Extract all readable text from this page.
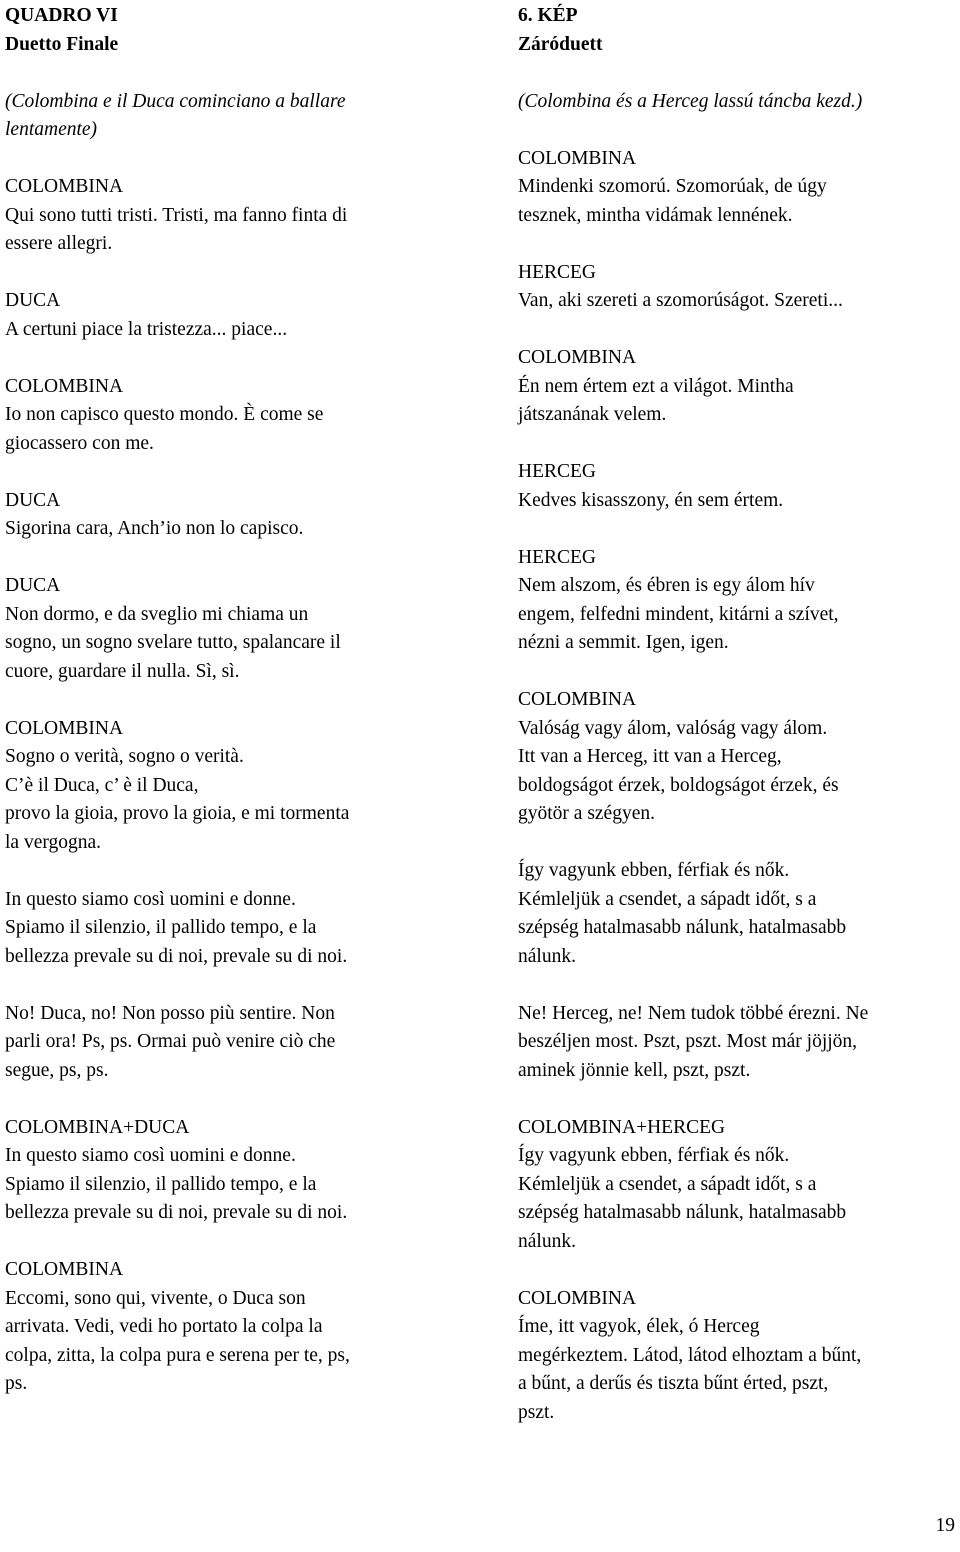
QUADRO VI
Duetto Finale
(Colombina e il Duca cominciano a ballare
lentamente)
COLOMBINA
Qui sono tutti tristi. Tristi, ma fanno finta di
essere allegri.
DUCA
A certuni piace la tristezza... piace...
COLOMBINA
Io non capisco questo mondo. È come se
giocassero con me.
DUCA
Sigorina cara, Anch’io non lo capisco.
DUCA
Non dormo, e da sveglio mi chiama un
sogno, un sogno svelare tutto, spalancare il
cuore, guardare il nulla. Sì, sì.
COLOMBINA
Sogno o verità, sogno o verità.
C’è il Duca, c’ è il Duca,
provo la gioia, provo la gioia, e mi tormenta
la vergogna.
In questo siamo così uomini e donne.
Spiamo il silenzio, il pallido tempo, e la
bellezza prevale su di noi, prevale su di noi.
No! Duca, no! Non posso più sentire. Non
parli ora! Ps, ps. Ormai può venire ciò che
segue, ps, ps.
COLOMBINA+DUCA
In questo siamo così uomini e donne.
Spiamo il silenzio, il pallido tempo, e la
bellezza prevale su di noi, prevale su di noi.
COLOMBINA
Eccomi, sono qui, vivente, o Duca son
arrivata. Vedi, vedi ho portato la colpa la
colpa, zitta, la colpa pura e serena per te, ps,
ps.
6. KÉP
Záróduett
(Colombina és a Herceg lassú táncba kezd.)
COLOMBINA
Mindenki szomorú. Szomorúak, de úgy
tesznek, mintha vidámak lennének.
HERCEG
Van, aki szereti a szomorúságot. Szereti...
COLOMBINA
Én nem értem ezt a világot. Mintha
játszanának velem.
HERCEG
Kedves kisasszony, én sem értem.
HERCEG
Nem alszom, és ébren is egy álom hív
engem, felfedni mindent, kitárni a szívet,
nézni a semmit. Igen, igen.
COLOMBINA
Valóság vagy álom, valóság vagy álom.
Itt van a Herceg, itt van a Herceg,
boldogságot érzek, boldogságot érzek, és
gyötör a szégyen.
Így vagyunk ebben, férfiak és nők.
Kémleljük a csendet, a sápadt időt, s a
szépség hatalmasabb nálunk, hatalmasabb
nálunk.
Ne! Herceg, ne! Nem tudok többé érezni. Ne
beszéljen most. Pszt, pszt. Most már jöjjön,
aminek jönnie kell, pszt, pszt.
COLOMBINA+HERCEG
Így vagyunk ebben, férfiak és nők.
Kémleljük a csendet, a sápadt időt, s a
szépség hatalmasabb nálunk, hatalmasabb
nálunk.
COLOMBINA
Íme, itt vagyok, élek, ó Herceg
megérkeztem. Látod, látod elhoztam a bűnt,
a bűnt, a derűs és tiszta bűnt érted, pszt,
pszt.
19
